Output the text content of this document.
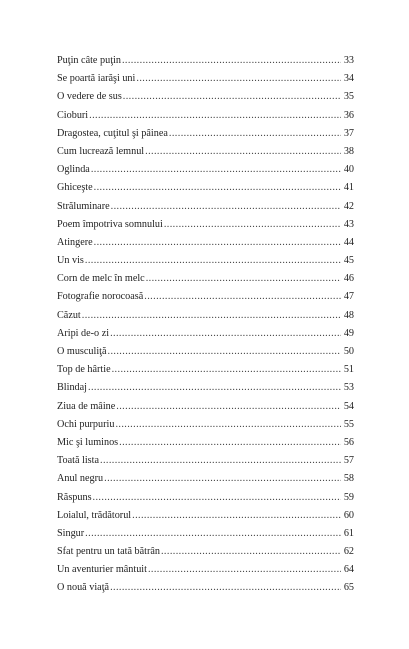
Puţin câte puţin .....	33
Se poartă iarăşi uni .....	34
O vedere de sus .....	35
Cioburi .....	36
Dragostea, cuţitul şi pâinea .....	37
Cum lucrează lemnul .....	38
Oglinda .....	40
Ghiceşte .....	41
Străluminare .....	42
Poem împotriva somnului .....	43
Atingere .....	44
Un vis .....	45
Corn de melc în melc .....	46
Fotografie norocoasă .....	47
Căzut .....	48
Aripi de-o zi .....	49
O musculiţă .....	50
Top de hârtie .....	51
Blindaj .....	53
Ziua de mâine .....	54
Ochi purpuriu .....	55
Mic şi luminos .....	56
Toată lista .....	57
Anul negru .....	58
Răspuns .....	59
Loialul, trădătorul .....	60
Singur .....	61
Sfat pentru un tată bătrân .....	62
Un aventurier mântuit .....	64
O nouă viaţă .....	65
